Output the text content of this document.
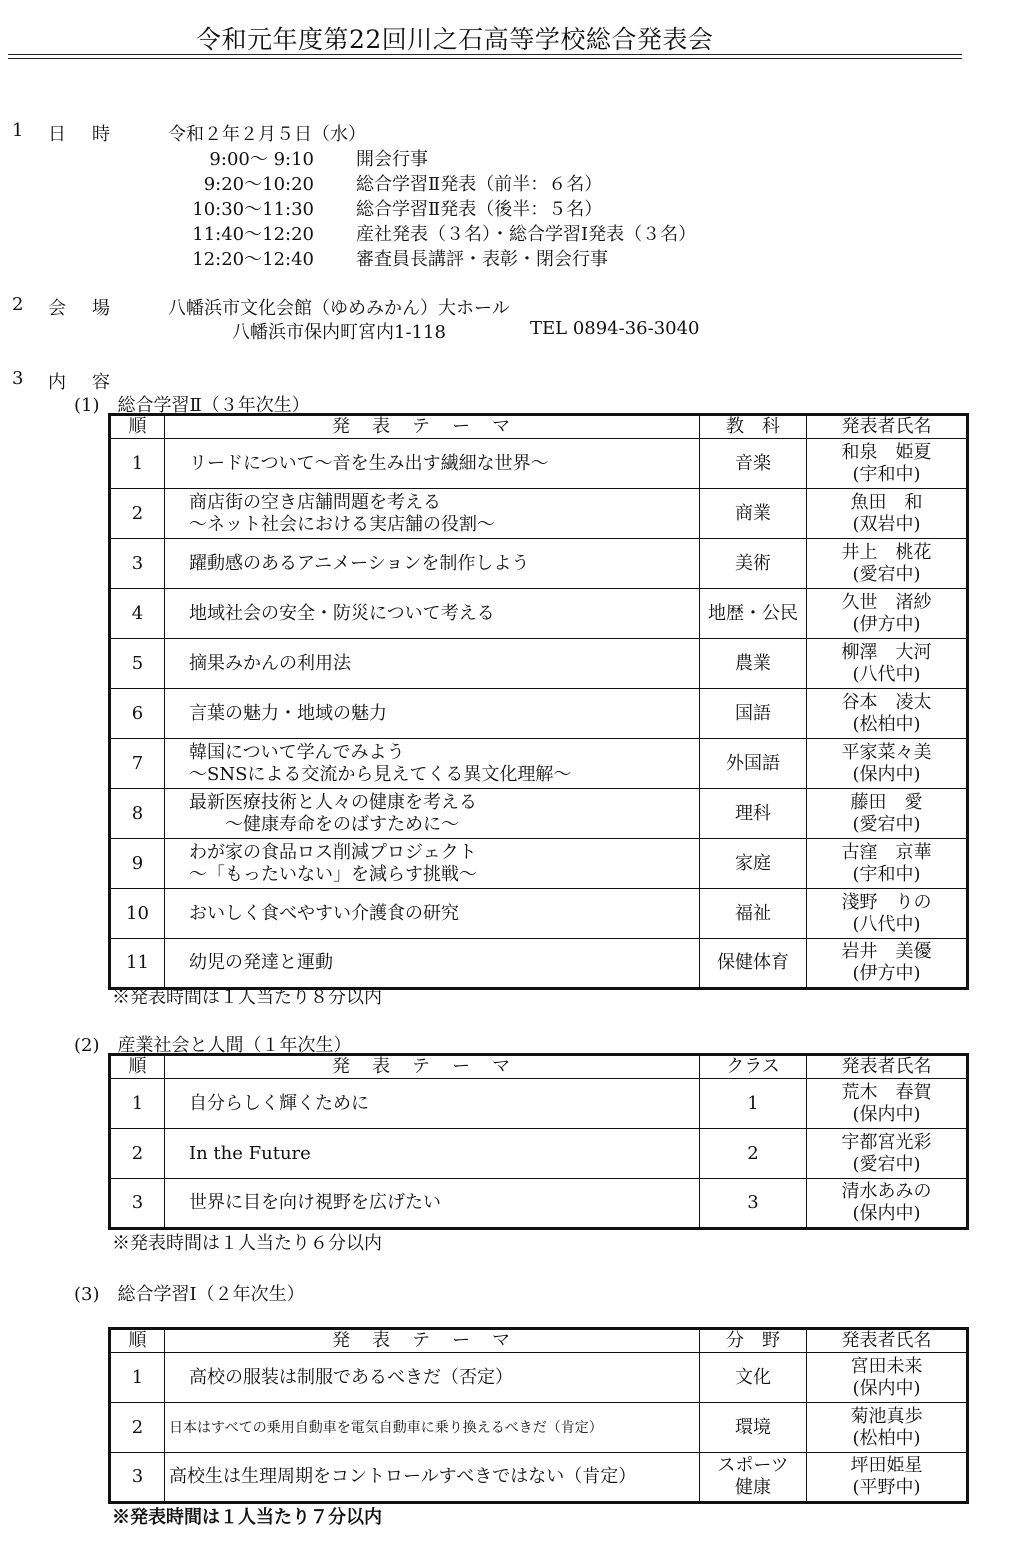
令和元年度第22回川之石高等学校総合発表会
1 日　時	令和２年２月５日（水）
9:00～ 9:10 開会行事
9:20～10:20 総合学習Ⅱ発表（前半：６名）
10:30～11:30 総合学習Ⅱ発表（後半：５名）
11:40～12:20 産社発表（３名）・総合学習Ⅰ発表（３名）
12:20～12:40 審査員長講評・表彰・閉会行事
2 会　場	八幡浜市文化会館（ゆめみかん）大ホール
八幡浜市保内町宮内1-118	TEL 0894-36-3040
3 内　容
(1)　総合学習Ⅱ（３年次生）
順	発表テーマ	教　科	発表者氏名
1	リードについて～音を生み出す繊細な世界～	音楽	和泉　姫夏
(宇和中)

2	商店街の空き店舗問題を考える
～ネット社会における実店舗の役割～	商業	魚田　和
(双岩中)

3	躍動感のあるアニメーションを制作しよう	美術	井上　桃花
(愛宕中)

4	地域社会の安全・防災について考える	地歴・公民	久世　渚紗
(伊方中)

5	摘果みかんの利用法	農業	柳澤　大河
(八代中)

6	言葉の魅力・地域の魅力	国語	谷本　凌太
(松柏中)

7	韓国について学んでみよう
～SNSによる交流から見えてくる異文化理解～	外国語	平家菜々美
(保内中)

8	最新医療技術と人々の健康を考える
　　～健康寿命をのばすために～	理科	藤田　愛
(愛宕中)

9	わが家の食品ロス削減プロジェクト
～「もったいない」を減らす挑戦～	家庭	古窪　京華
(宇和中)

10	おいしく食べやすい介護食の研究	福祉	淺野　りの
(八代中)

11	幼児の発達と運動	保健体育	岩井　美優
(伊方中)
※発表時間は１人当たり８分以内
(2)　産業社会と人間（１年次生）
順	発表テーマ	クラス	発表者氏名
1	自分らしく輝くために	1	荒木　春賀
(保内中)

2	In the Future	2	宇都宮光彩
(愛宕中)

3	世界に目を向け視野を広げたい	3	清水あみの
(保内中)
※発表時間は１人当たり６分以内
(3)　総合学習Ⅰ（２年次生）
順	発表テーマ	分　野	発表者氏名
1	高校の服装は制服であるべきだ（否定）	文化	宮田未来
(保内中)

2	日本はすべての乗用自動車を電気自動車に乗り換えるべきだ（肯定）	環境	菊池真歩
(松柏中)

3	高校生は生理周期をコントロールすべきではない（肯定）	スポーツ
健康	坪田姫星
(平野中)
※発表時間は１人当たり７分以内
